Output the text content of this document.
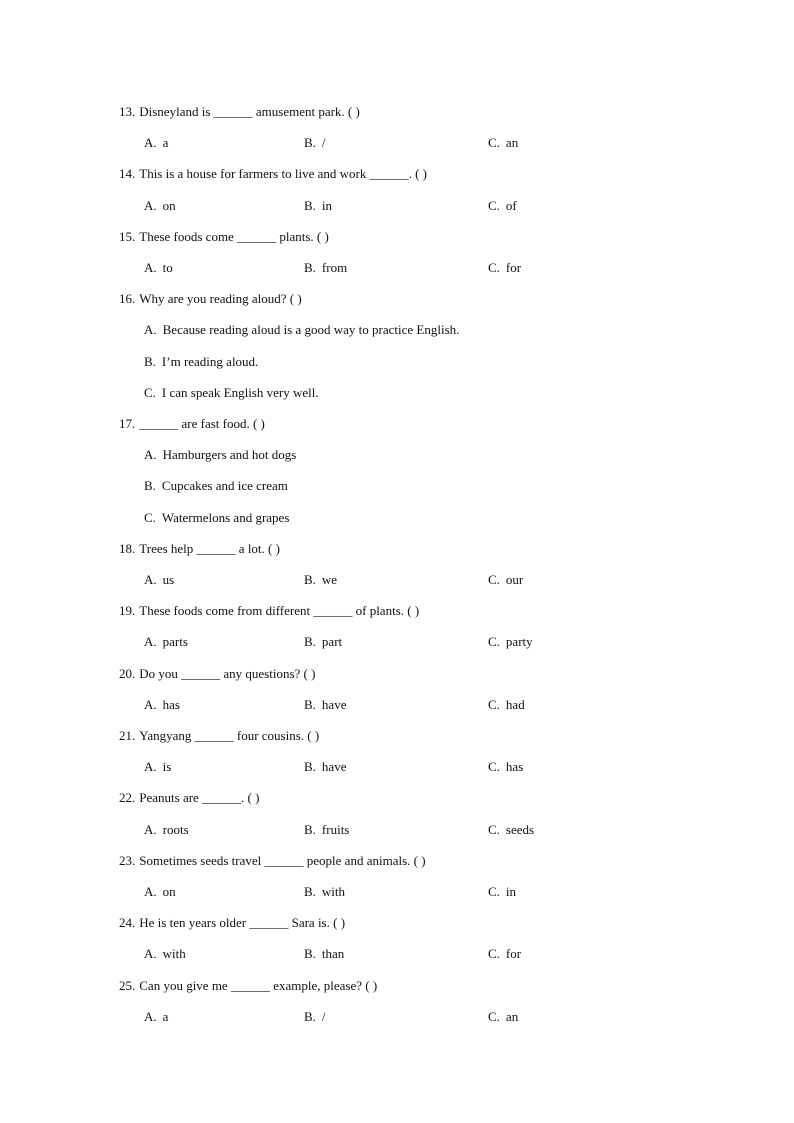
13. Disneyland is ______ amusement park. ( )
A. a	B. /	C. an
14. This is a house for farmers to live and work ______. ( )
A. on	B. in	C. of
15. These foods come ______ plants. ( )
A. to	B. from	C. for
16. Why are you reading aloud? ( )
A. Because reading aloud is a good way to practice English.
B. I’m reading aloud.
C. I can speak English very well.
17. ______ are fast food. ( )
A. Hamburgers and hot dogs
B. Cupcakes and ice cream
C. Watermelons and grapes
18. Trees help ______ a lot. ( )
A. us	B. we	C. our
19. These foods come from different ______ of plants. ( )
A. parts	B. part	C. party
20. Do you ______ any questions? ( )
A. has	B. have	C. had
21. Yangyang ______ four cousins. ( )
A. is	B. have	C. has
22. Peanuts are ______. ( )
A. roots	B. fruits	C. seeds
23. Sometimes seeds travel ______ people and animals. ( )
A. on	B. with	C. in
24. He is ten years older ______ Sara is. ( )
A. with	B. than	C. for
25. Can you give me ______ example, please? ( )
A. a	B. /	C. an
